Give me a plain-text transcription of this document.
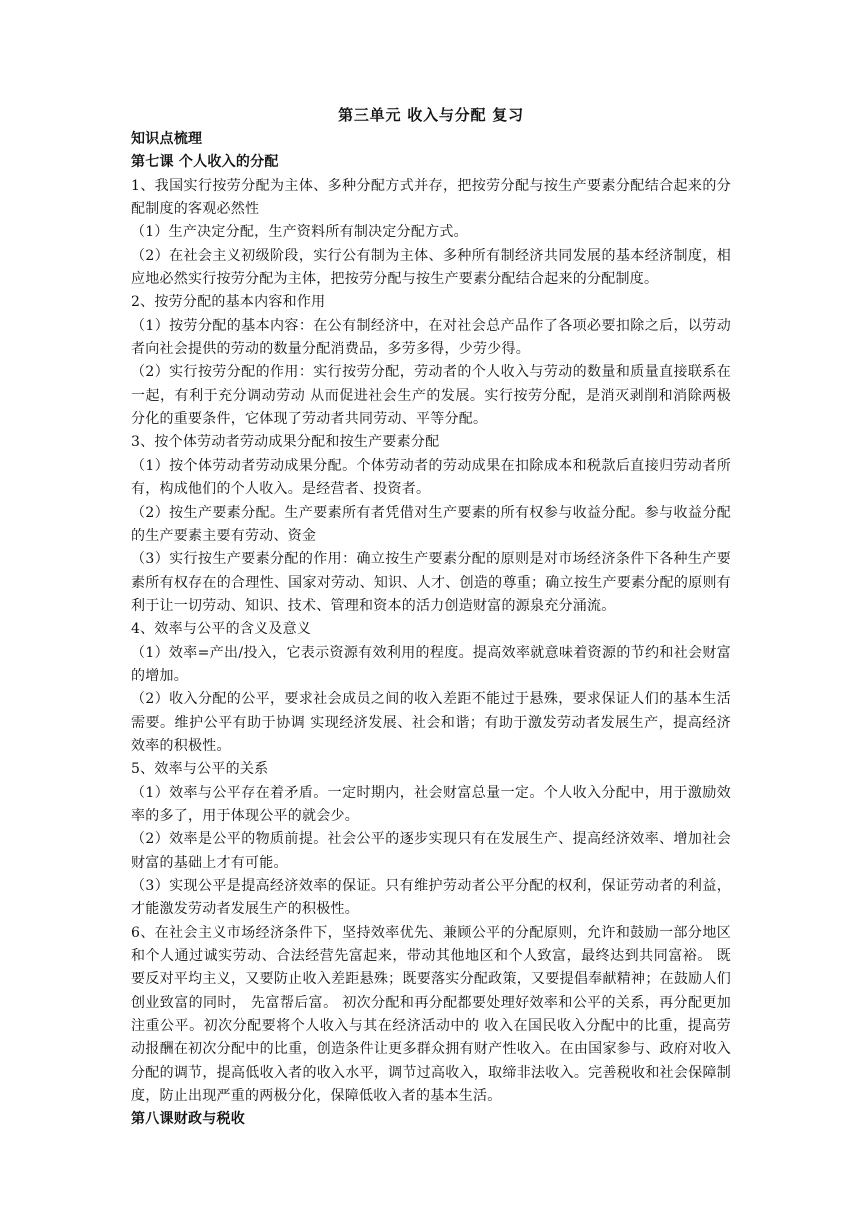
第三单元 收入与分配 复习
知识点梳理
第七课 个人收入的分配
1、我国实行按劳分配为主体、多种分配方式并存，把按劳分配与按生产要素分配结合起来的分配制度的客观必然性
（1）生产决定分配，生产资料所有制决定分配方式。
（2）在社会主义初级阶段，实行公有制为主体、多种所有制经济共同发展的基本经济制度，相应地必然实行按劳分配为主体，把按劳分配与按生产要素分配结合起来的分配制度。
2、按劳分配的基本内容和作用
（1）按劳分配的基本内容：在公有制经济中，在对社会总产品作了各项必要扣除之后，以劳动者向社会提供的劳动的数量分配消费品，多劳多得，少劳少得。
（2）实行按劳分配的作用：实行按劳分配，劳动者的个人收入与劳动的数量和质量直接联系在一起，有利于充分调动劳动 从而促进社会生产的发展。实行按劳分配，是消灭剥削和消除两极分化的重要条件，它体现了劳动者共同劳动、平等分配。
3、按个体劳动者劳动成果分配和按生产要素分配
（1）按个体劳动者劳动成果分配。个体劳动者的劳动成果在扣除成本和税款后直接归劳动者所有，构成他们的个人收入。是经营者、投资者。
（2）按生产要素分配。生产要素所有者凭借对生产要素的所有权参与收益分配。参与收益分配的生产要素主要有劳动、资金
（3）实行按生产要素分配的作用：确立按生产要素分配的原则是对市场经济条件下各种生产要素所有权存在的合理性、国家对劳动、知识、人才、创造的尊重；确立按生产要素分配的原则有利于让一切劳动、知识、技术、管理和资本的活力创造财富的源泉充分涌流。
4、效率与公平的含义及意义
（1）效率=产出/投入，它表示资源有效利用的程度。提高效率就意味着资源的节约和社会财富的增加。
（2）收入分配的公平，要求社会成员之间的收入差距不能过于悬殊，要求保证人们的基本生活需要。维护公平有助于协调 实现经济发展、社会和谐；有助于激发劳动者发展生产，提高经济效率的积极性。
5、效率与公平的关系
（1）效率与公平存在着矛盾。一定时期内，社会财富总量一定。个人收入分配中，用于激励效率的多了，用于体现公平的就会少。
（2）效率是公平的物质前提。社会公平的逐步实现只有在发展生产、提高经济效率、增加社会财富的基础上才有可能。
（3）实现公平是提高经济效率的保证。只有维护劳动者公平分配的权利，保证劳动者的利益，才能激发劳动者发展生产的积极性。
6、在社会主义市场经济条件下，坚持效率优先、兼顾公平的分配原则，允许和鼓励一部分地区和个人通过诚实劳动、合法经营先富起来，带动其他地区和个人致富，最终达到共同富裕。 既要反对平均主义，又要防止收入差距悬殊；既要落实分配政策，又要提倡奉献精神；在鼓励人们创业致富的同时， 先富帮后富。 初次分配和再分配都要处理好效率和公平的关系，再分配更加注重公平。初次分配要将个人收入与其在经济活动中的 收入在国民收入分配中的比重，提高劳动报酬在初次分配中的比重，创造条件让更多群众拥有财产性收入。在由国家参与、政府对收入分配的调节，提高低收入者的收入水平，调节过高收入，取缔非法收入。完善税收和社会保障制度，防止出现严重的两极分化，保障低收入者的基本生活。
第八课财政与税收
